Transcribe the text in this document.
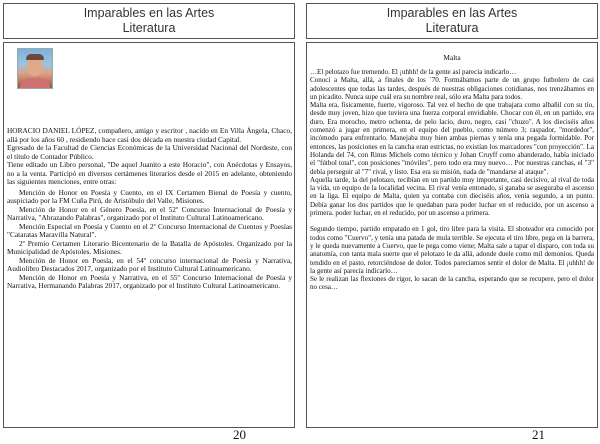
Imparables en las Artes
Literatura

HORACIO DANIEL LÓPEZ, compañero, amigo y escritor , nacido en En Villa Ángela, Chaco, allá por los años 60 , residiendo hace casi dos década en nuestra ciudad Capital.

Egresado de la Facultad de Ciencias Económicas de la Universidad Nacional del Nordeste, con el título de Contador Público.

Tiene editado un Libro personal, "De aquel Juanito a este Horacio", con Anécdotas y Ensayos, no a la venta. Participó en diversos certámenes literarios desde el 2015 en adelante, obteniendo las siguientes menciones, entre otras:

Mención de Honor en Poesía y Cuento, en el IX Certamen Bienal de Poesía y cuento, auspiciado por la FM Cuña Pirú, de Aristóbulo del Valle, Misiones.

Mención de Honor en el Género Poesía, en el 52º Concurso Internacional de Poesía y Narrativa, "Abrazando Palabras", organizado por el Instituto Cultural Latinoamericano.

Mención Especial en Poesía y Cuento en el 2º Concurso Internacional de Cuentos y Poesías "Cataratas Maravilla Natural".

2º Premio Certamen Literario Bicentenario de la Batalla de Apóstoles. Organizado por la Municipalidad de Apóstoles. Misiones.

Mención de Honor en Poesía, en el 54º concurso internacional de Poesía y Narrativa, Audiolibro Destacados 2017, organizado por el Instituto Cultural Latinoamericano.

Mención de Honor en Poesía y Narrativa, en el 55º Concurso Internacional de Poesía y Narrativa, Hermanando Palabras 2017, organizado por el Instituto Cultural Latinoamericano.

20
Imparables en las Artes
Literatura
Malta

…El pelotazo fue tremendo. El ¡uhhh! de la gente así parecía indicarlo…

Conocí a Malta, allá, a finales de los ´70. Formábamos parte de un grupo futbolero de casi adolescentes que todas las tardes, después de nuestras obligaciones cotidianas, nos trenzábamos en un picadito. Nunca supe cuál era su nombre real, sólo era Malta para todos.

Malta era, físicamente, fuerte, vigoroso. Tal vez el hecho de que trabajara como albañil con su tío, desde muy joven, hizo que tuviera una fuerza corporal envidiable. Chocar con él, en un partido, era duro. Era morocho, metro ochenta, de pelo lacio, duro, negro, casi "chuzo". A los dieciséis años comenzó a jugar en primera, en el equipo del pueblo, como número 3; raspador, "mordedor", incómodo para enfrentarlo. Manejaba muy bien ambas piernas y tenía una pegada formidable. Por entonces, las posiciones en la cancha eran estrictas, no existían los marcadores "con proyección". La Holanda del 74, con Rinus Michels como técnico y Johan Cruyff como abanderado, había iniciado el "fútbol total", con posiciones "móviles", pero todo era muy nuevo… Por nuestras canchas, el "3" debía perseguir al "7" rival, y listo. Esa era su misión, nada de "mandarse al ataque".

Aquella tarde, la del pelotazo, recibían en un partido muy importante, casi decisivo, al rival de toda la vida, un equipo de la localidad vecina. El rival venía entonado, si ganaba se aseguraba el ascenso en la liga. El equipo de Malta, quien ya contaba con dieciséis años, venía segundo, a un punto. Debía ganar los dos partidos que le quedaban para poder luchar en el reducido, por un ascenso a primera. poder luchar, en el reducido, por un ascenso a primera.

Segundo tiempo, partido empatado en 1 gol, tiro libre para la visita. El shoteador era conocido por todos como "Cuervo", y tenía una patada de mula terrible. Se ejecuta el tiro libre, pega en la barrera, y le queda nuevamente a Cuervo, que le pega como viene; Malta sale a tapar el disparo, con toda su anatomía, con tanta mala suerte que el pelotazo le da allá, adonde duele como mil demonios. Queda tendido en el pasto, retorciéndose de dolor. Todos pareciamos sentir el dolor de Malta. El ¡uhhh! de la gente así parecía indicarlo…

Se le realizan las flexiones de rigor, lo sacan de la cancha, esperando que se recupere, pero el dolor no cesa…

21
